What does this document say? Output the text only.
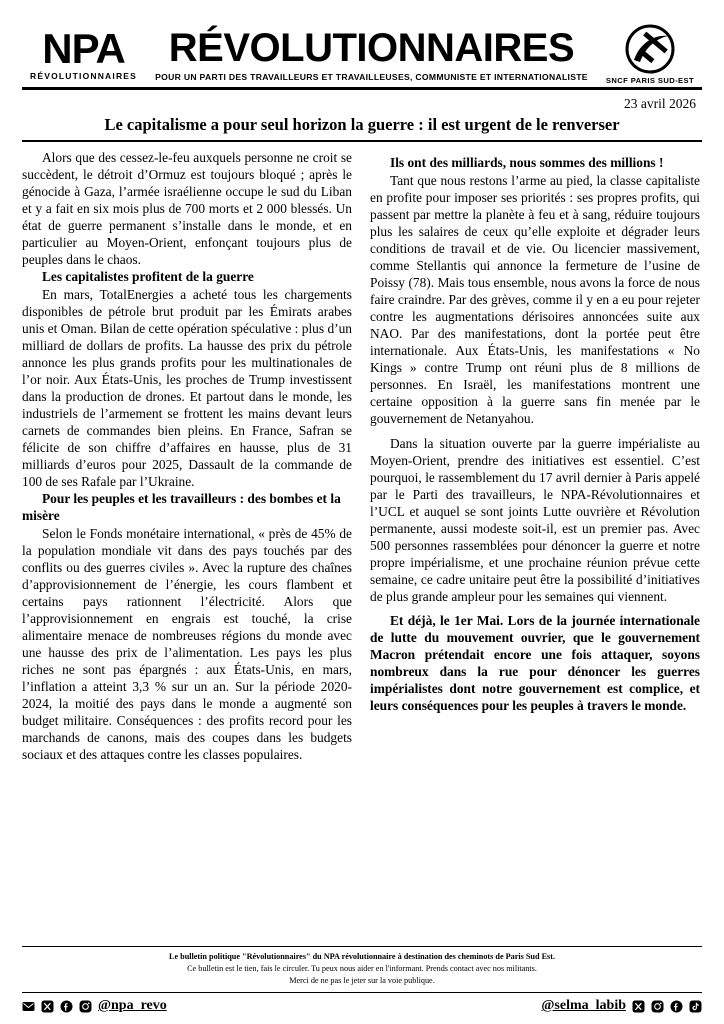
NPA
RÉVOLUTIONNAIRES
RÉVOLUTIONNAIRES
POUR UN PARTI DES TRAVAILLEURS ET TRAVAILLEUSES, COMMUNISTE ET INTERNATIONALISTE	SNCF PARIS SUD-EST
23 avril 2026
Le capitalisme a pour seul horizon la guerre : il est urgent de le renverser

Alors que des cessez-le-feu auxquels personne ne croit se succèdent, le détroit d’Ormuz est toujours bloqué ; après le génocide à Gaza, l’armée israélienne occupe le sud du Liban et y a fait en six mois plus de 700 morts et 2 000 blessés. Un état de guerre permanent s’installe dans le monde, et en particulier au Moyen-Orient, enfonçant toujours plus de peuples dans le chaos.

Les capitalistes profitent de la guerre

En mars, TotalEnergies a acheté tous les chargements disponibles de pétrole brut produit par les Émirats arabes unis et Oman. Bilan de cette opération spéculative : plus d’un milliard de dollars de profits. La hausse des prix du pétrole annonce les plus grands profits pour les multinationales de l’or noir. Aux États-Unis, les proches de Trump investissent dans la production de drones. Et partout dans le monde, les industriels de l’armement se frottent les mains devant leurs carnets de commandes bien pleins. En France, Safran se félicite de son chiffre d’affaires en hausse, plus de 31 milliards d’euros pour 2025, Dassault de la commande de 100 de ses Rafale par l’Ukraine.

Pour les peuples et les travailleurs : des bombes et la misère

Selon le Fonds monétaire international, « près de 45% de la population mondiale vit dans des pays touchés par des conflits ou des guerres civiles ». Avec la rupture des chaînes d’approvisionnement de l’énergie, les cours flambent et certains pays rationnent l’électricité. Alors que l’approvisionnement en engrais est touché, la crise alimentaire menace de nombreuses régions du monde avec une hausse des prix de l’alimentation. Les pays les plus riches ne sont pas épargnés : aux États-Unis, en mars, l’inflation a atteint 3,3 % sur un an. Sur la période 2020-2024, la moitié des pays dans le monde a augmenté son budget militaire. Conséquences : des profits record pour les marchands de canons, mais des coupes dans les budgets sociaux et des attaques contre les classes populaires.

Ils ont des milliards, nous sommes des millions !

Tant que nous restons l’arme au pied, la classe capitaliste en profite pour imposer ses priorités : ses propres profits, qui passent par mettre la planète à feu et à sang, réduire toujours plus les salaires de ceux qu’elle exploite et dégrader leurs conditions de travail et de vie. Ou licencier massivement, comme Stellantis qui annonce la fermeture de l’usine de Poissy (78). Mais tous ensemble, nous avons la force de nous faire craindre. Par des grèves, comme il y en a eu pour rejeter contre les augmentations dérisoires annoncées suite aux NAO. Par des manifestations, dont la portée peut être internationale. Aux États-Unis, les manifestations « No Kings » contre Trump ont réuni plus de 8 millions de personnes. En Israël, les manifestations montrent une certaine opposition à la guerre sans fin menée par le gouvernement de Netanyahou.

Dans la situation ouverte par la guerre impérialiste au Moyen-Orient, prendre des initiatives est essentiel. C’est pourquoi, le rassemblement du 17 avril dernier à Paris appelé par le Parti des travailleurs, le NPA-Révolutionnaires et l’UCL et auquel se sont joints Lutte ouvrière et Révolution permanente, aussi modeste soit-il, est un premier pas. Avec 500 personnes rassemblées pour dénoncer la guerre et notre propre impérialisme, et une prochaine réunion prévue cette semaine, ce cadre unitaire peut être la possibilité d’initiatives de plus grande ampleur pour les semaines qui viennent.

Et déjà, le 1er Mai. Lors de la journée internationale de lutte du mouvement ouvrier, que le gouvernement Macron prétendait encore une fois attaquer, soyons nombreux dans la rue pour dénoncer les guerres impérialistes dont notre gouvernement est complice, et leurs conséquences pour les peuples à travers le monde.

Le bulletin politique "Révolutionnaires" du NPA révolutionnaire à destination des cheminots de Paris Sud Est.
Ce bulletin est le tien, fais le circuler. Tu peux nous aider en l'informant. Prends contact avec nos militants.
Merci de ne pas le jeter sur la voie publique.
@npa_revo	@selma_labib
